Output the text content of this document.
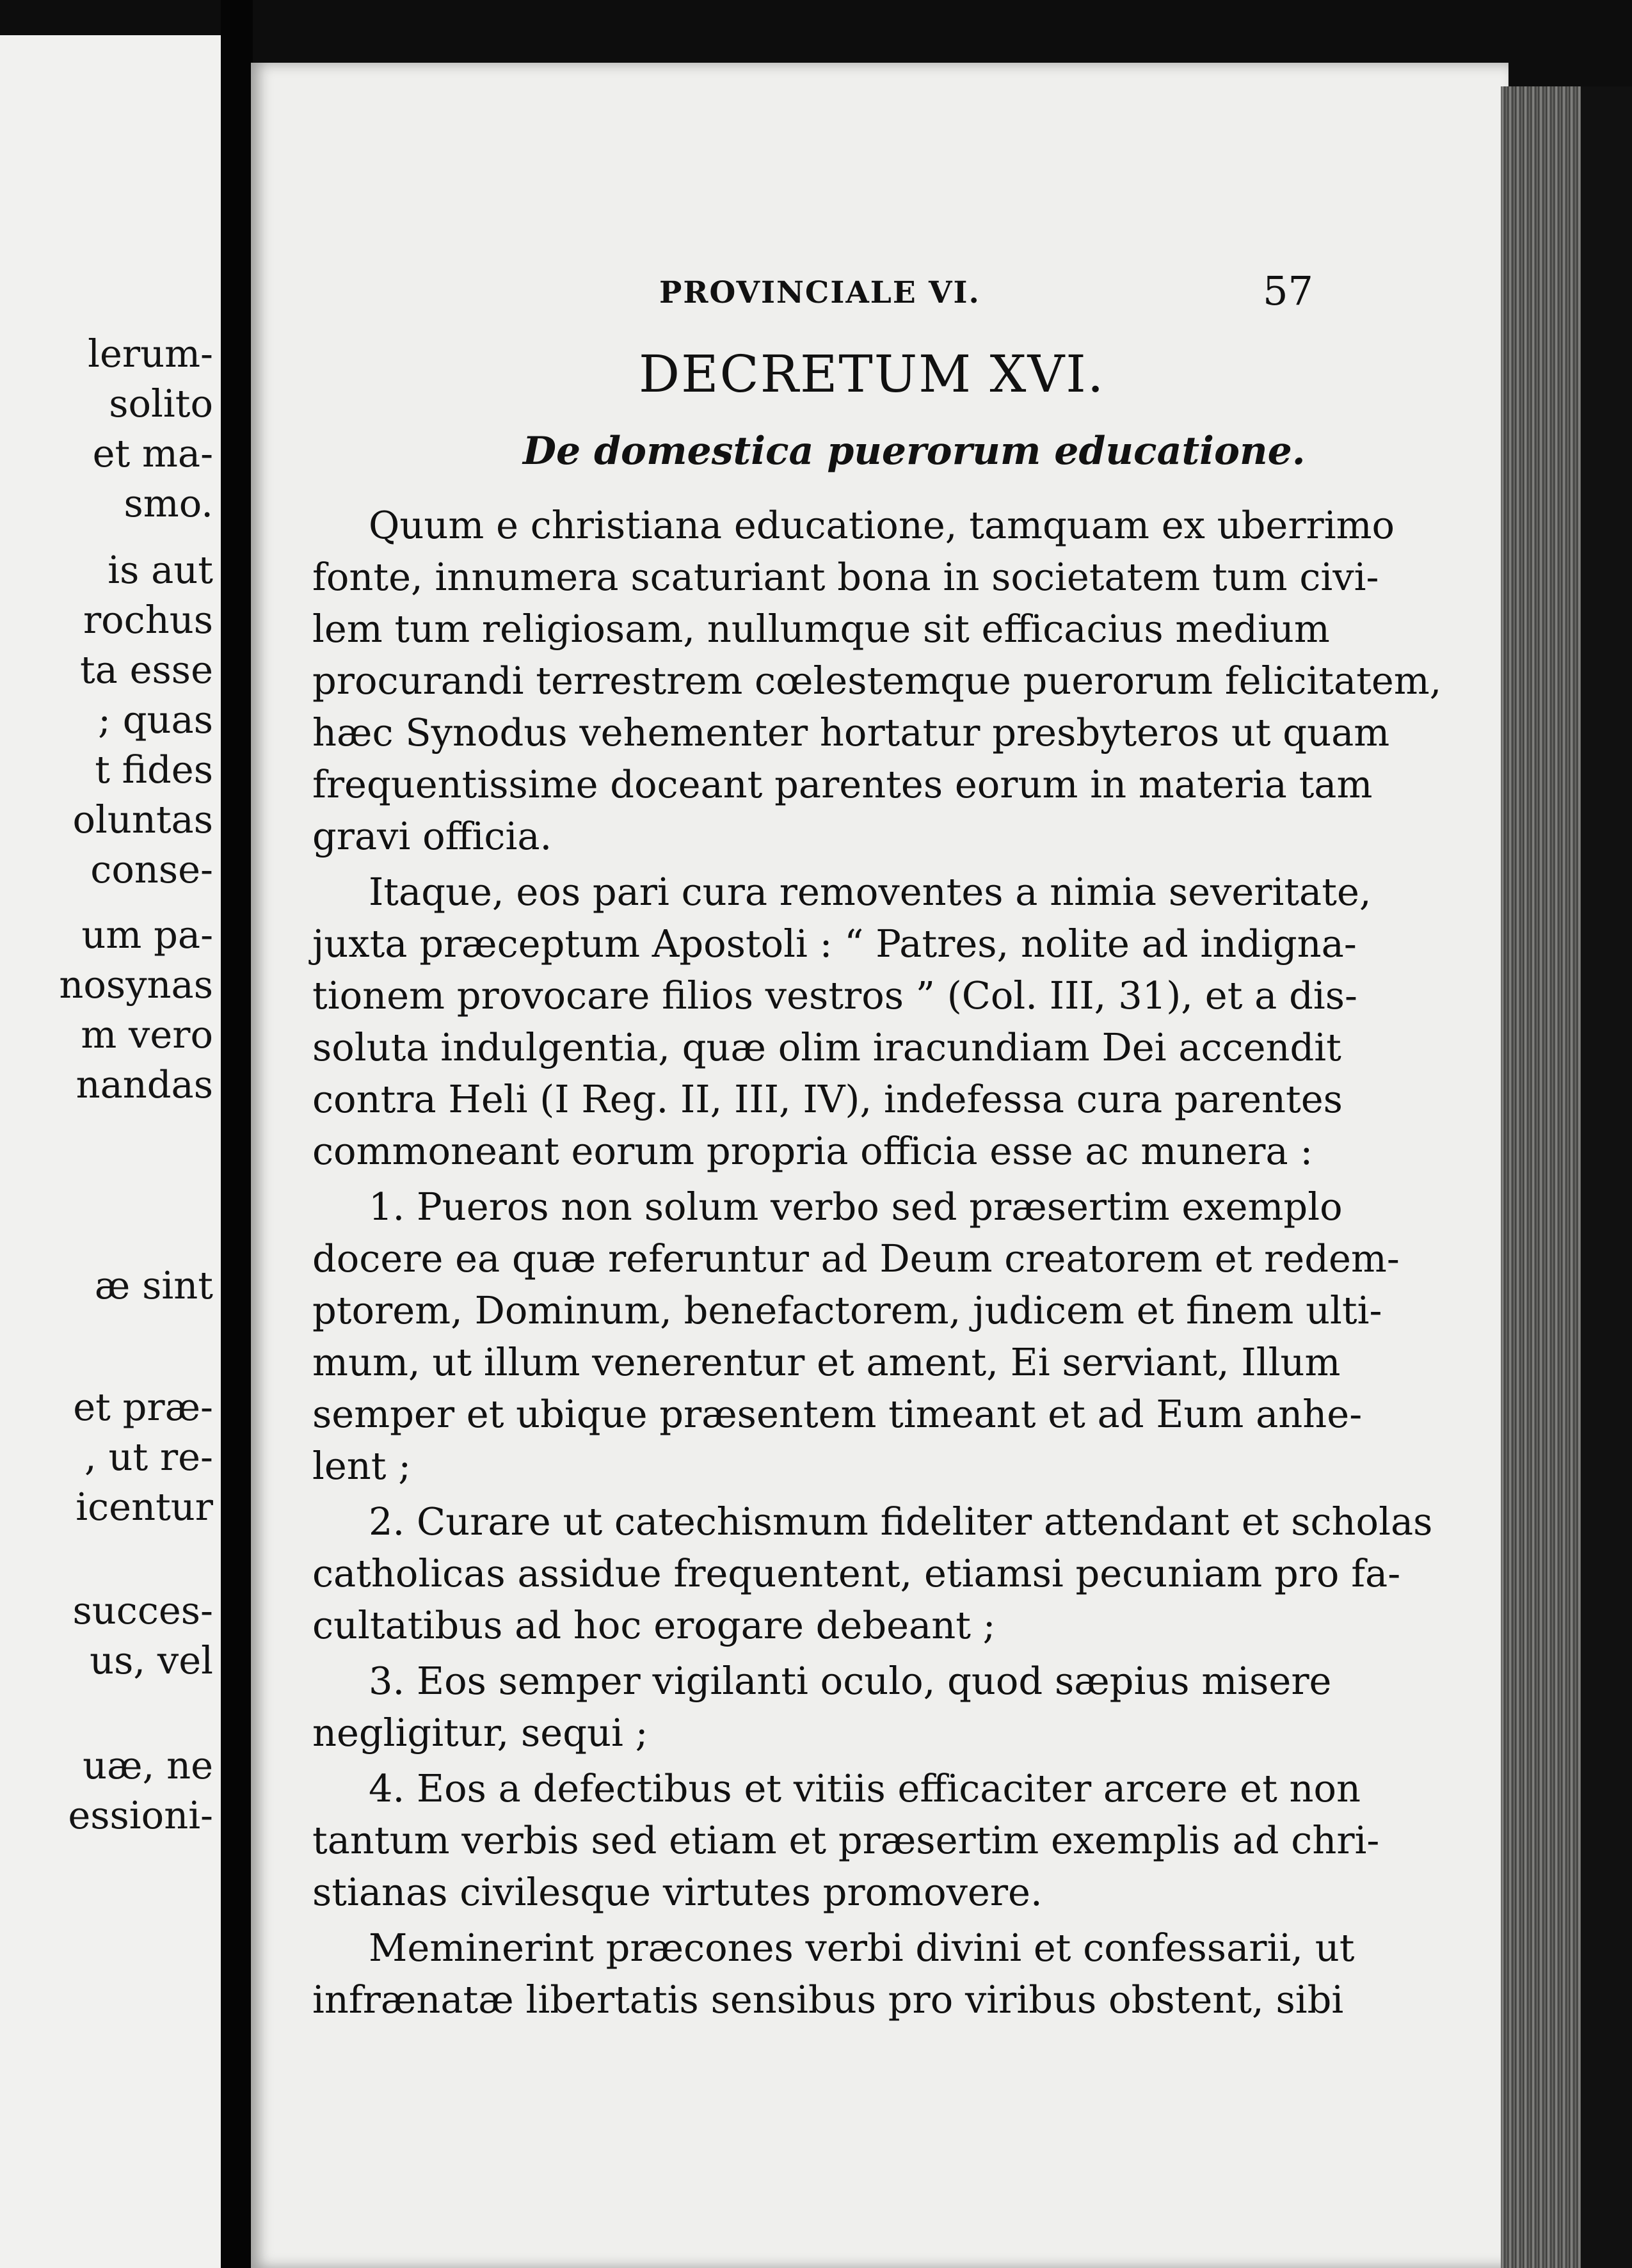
lerum-
solito
et ma-
smo.
is aut
rochus
ta esse
; quas
t fides
oluntas
conse-
um pa-
nosynas
m vero
nandas
æ sint
et præ-
, ut re-
icentur
succes-
us, vel
uæ, ne
essioni-
PROVINCIALE VI.	57
DECRETUM XVI.
De domestica puerorum educatione.
Quum e christiana educatione, tamquam ex uberrimo
fonte, innumera scaturiant bona in societatem tum civi-
lem tum religiosam, nullumque sit efficacius medium
procurandi terrestrem cœlestemque puerorum felicitatem,
hæc Synodus vehementer hortatur presbyteros ut quam
frequentissime doceant parentes eorum in materia tam
gravi officia.
Itaque, eos pari cura removentes a nimia severitate,
juxta præceptum Apostoli : “ Patres, nolite ad indigna-
tionem provocare filios vestros ” (Col. III, 31), et a dis-
soluta indulgentia, quæ olim iracundiam Dei accendit
contra Heli (I Reg. II, III, IV), indefessa cura parentes
commoneant eorum propria officia esse ac munera :
1. Pueros non solum verbo sed præsertim exemplo
docere ea quæ referuntur ad Deum creatorem et redem-
ptorem, Dominum, benefactorem, judicem et finem ulti-
mum, ut illum venerentur et ament, Ei serviant, Illum
semper et ubique præsentem timeant et ad Eum anhe-
lent ;
2. Curare ut catechismum fideliter attendant et scholas
catholicas assidue frequentent, etiamsi pecuniam pro fa-
cultatibus ad hoc erogare debeant ;
3. Eos semper vigilanti oculo, quod sæpius misere
negligitur, sequi ;
4. Eos a defectibus et vitiis efficaciter arcere et non
tantum verbis sed etiam et præsertim exemplis ad chri-
stianas civilesque virtutes promovere.
Meminerint præcones verbi divini et confessarii, ut
infrænatæ libertatis sensibus pro viribus obstent, sibi
